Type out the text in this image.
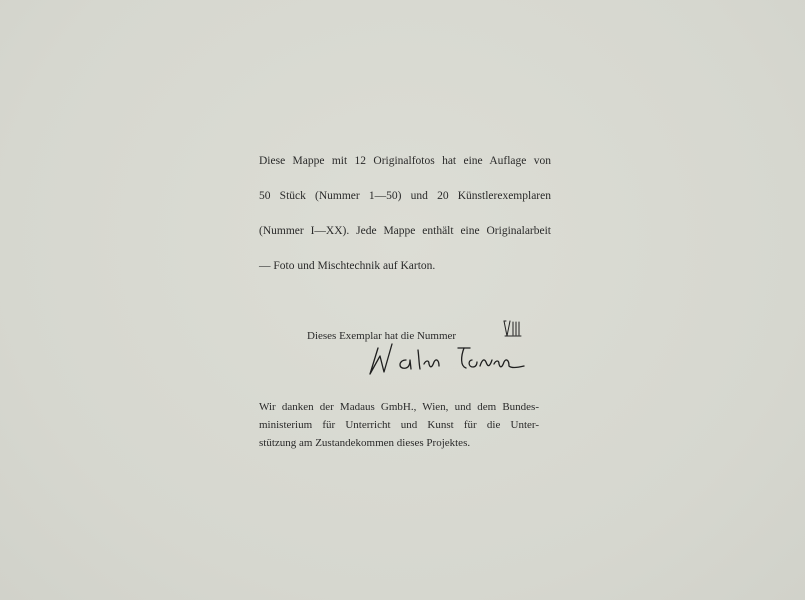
Diese Mappe mit 12 Originalfotos hat eine Auflage von
50 Stück (Nummer 1—50) und 20 Künstlerexemplaren
(Nummer I—XX). Jede Mappe enthält eine Originalarbeit
— Foto und Mischtechnik auf Karton.
Dieses Exemplar hat die Nummer
Wir danken der Madaus GmbH., Wien, und dem Bundes-
ministerium für Unterricht und Kunst für die Unter-
stützung am Zustandekommen dieses Projektes.
